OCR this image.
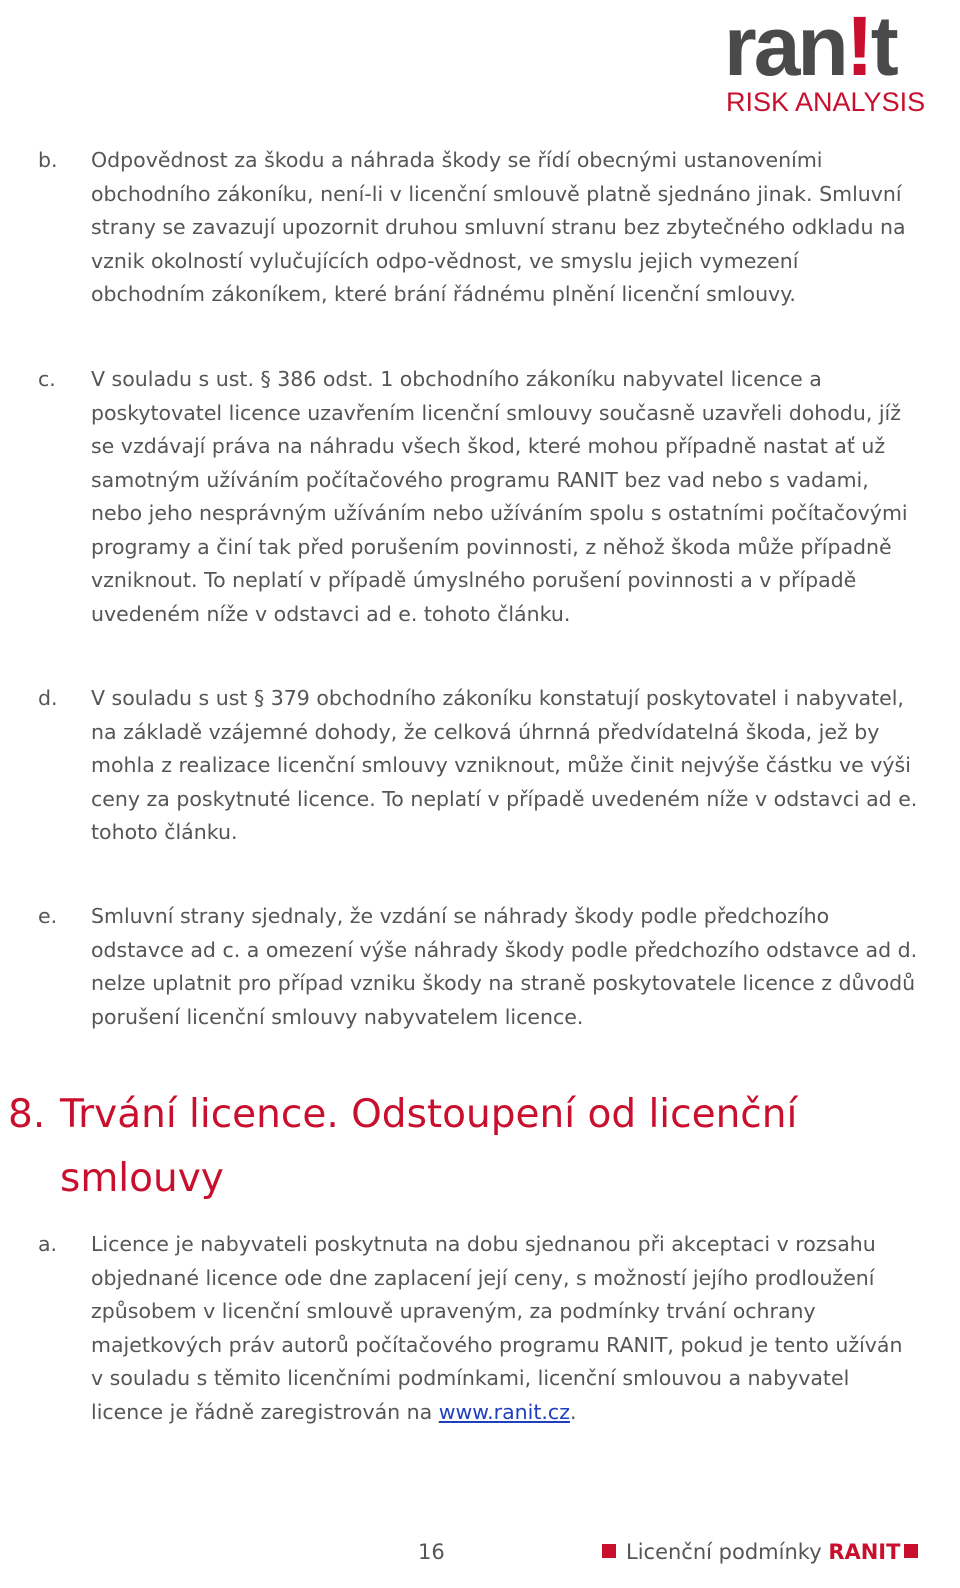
ran!t
RISK ANALYSIS
b. Odpovědnost za škodu a náhrada škody se řídí obecnými ustanoveními obchodního zákoníku, není-li v licenční smlouvě platně sjednáno jinak. Smluvní strany se zavazují upozornit druhou smluvní stranu bez zbytečného odkladu na vznik okolností vylučujících odpo-vědnost, ve smyslu jejich vymezení obchodním zákoníkem, které brání řádnému plnění licenční smlouvy.
c. V souladu s ust. § 386 odst. 1 obchodního zákoníku nabyvatel licence a poskytovatel licence uzavřením licenční smlouvy současně uzavřeli dohodu, jíž se vzdávají práva na náhradu všech škod, které mohou případně nastat ať už samotným užíváním počítačového programu RANIT bez vad nebo s vadami, nebo jeho nesprávným užíváním nebo užíváním spolu s ostatními počítačovými programy a činí tak před porušením povinnosti, z něhož škoda může případně vzniknout. To neplatí v případě úmyslného porušení povinnosti a v případě uvedeném níže v odstavci ad e. tohoto článku.
d. V souladu s ust § 379 obchodního zákoníku konstatují poskytovatel i nabyvatel, na základě vzájemné dohody, že celková úhrnná předvídatelná škoda, jež by mohla z realizace licenční smlouvy vzniknout, může činit nejvýše částku ve výši ceny za poskytnuté licence. To neplatí v případě uvedeném níže v odstavci ad e. tohoto článku.
e. Smluvní strany sjednaly, že vzdání se náhrady škody podle předchozího odstavce ad c. a omezení výše náhrady škody podle předchozího odstavce ad d. nelze uplatnit pro případ vzniku škody na straně poskytovatele licence z důvodů porušení licenční smlouvy nabyvatelem licence.
8. Trvání licence. Odstoupení od licenční smlouvy
a. Licence je nabyvateli poskytnuta na dobu sjednanou při akceptaci v rozsahu objednané licence ode dne zaplacení její ceny, s možností jejího prodloužení způsobem v licenční smlouvě upraveným, za podmínky trvání ochrany majetkových práv autorů počítačového programu RANIT, pokud je tento užíván v souladu s těmito licenčními podmínkami, licenční smlouvou a nabyvatel licence je řádně zaregistrován na www.ranit.cz.
16	Licenční podmínky RANIT
